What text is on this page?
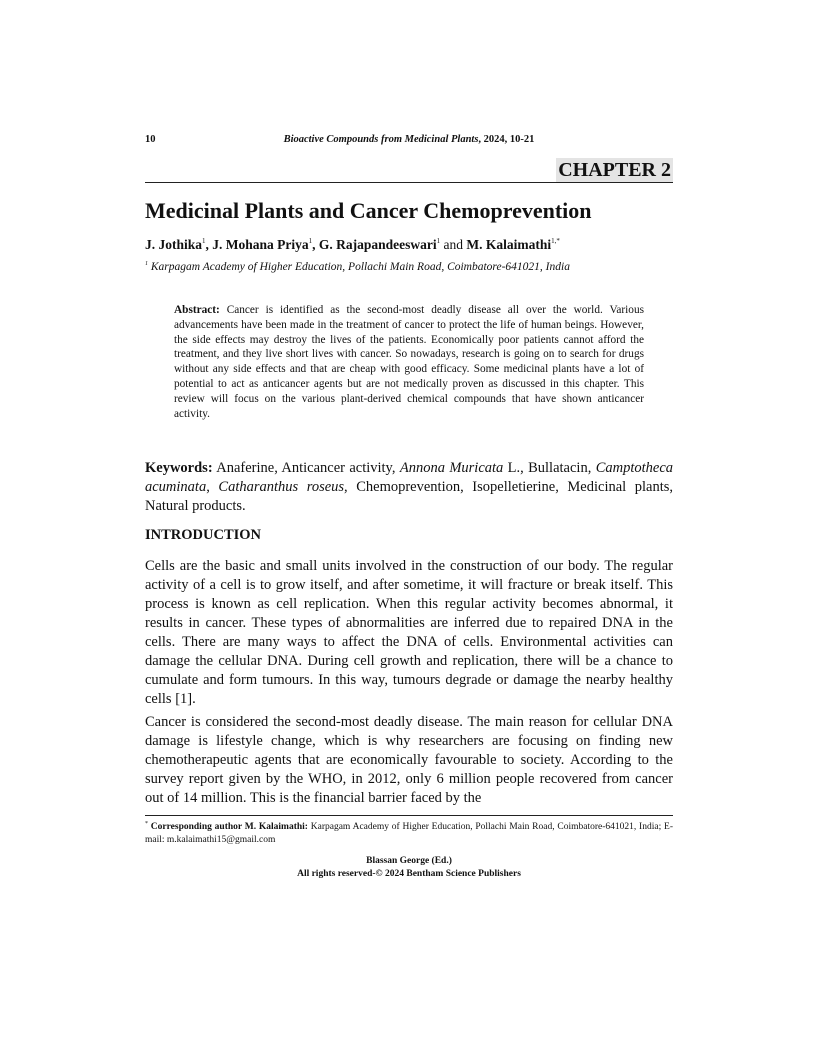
10	Bioactive Compounds from Medicinal Plants, 2024, 10-21
CHAPTER 2
Medicinal Plants and Cancer Chemoprevention
J. Jothika$^1$, J. Mohana Priya$^1$, G. Rajapandeeswari$^1$ and M. Kalaimathi$^{1,*}$
$^1$ Karpagam Academy of Higher Education, Pollachi Main Road, Coimbatore-641021, India
Abstract: Cancer is identified as the second-most deadly disease all over the world. Various advancements have been made in the treatment of cancer to protect the life of human beings. However, the side effects may destroy the lives of the patients. Economically poor patients cannot afford the treatment, and they live short lives with cancer. So nowadays, research is going on to search for drugs without any side effects and that are cheap with good efficacy. Some medicinal plants have a lot of potential to act as anticancer agents but are not medically proven as discussed in this chapter. This review will focus on the various plant-derived chemical compounds that have shown anticancer activity.
Keywords: Anaferine, Anticancer activity, Annona Muricata L., Bullatacin, Camptotheca acuminata, Catharanthus roseus, Chemoprevention, Isopelletierine, Medicinal plants, Natural products.
INTRODUCTION

Cells are the basic and small units involved in the construction of our body. The regular activity of a cell is to grow itself, and after sometime, it will fracture or break itself. This process is known as cell replication. When this regular activity becomes abnormal, it results in cancer. These types of abnormalities are inferred due to repaired DNA in the cells. There are many ways to affect the DNA of cells. Environmental activities can damage the cellular DNA. During cell growth and replication, there will be a chance to cumulate and form tumours. In this way, tumours degrade or damage the nearby healthy cells [1].

Cancer is considered the second-most deadly disease. The main reason for cellular DNA damage is lifestyle change, which is why researchers are focusing on finding new chemotherapeutic agents that are economically favourable to society. According to the survey report given by the WHO, in 2012, only 6 million people recovered from cancer out of 14 million. This is the financial barrier faced by the

* Corresponding author M. Kalaimathi: Karpagam Academy of Higher Education, Pollachi Main Road, Coimbatore-641021, India; E-mail: m.kalaimathi15@gmail.com
Blassan George (Ed.)
All rights reserved-© 2024 Bentham Science Publishers
